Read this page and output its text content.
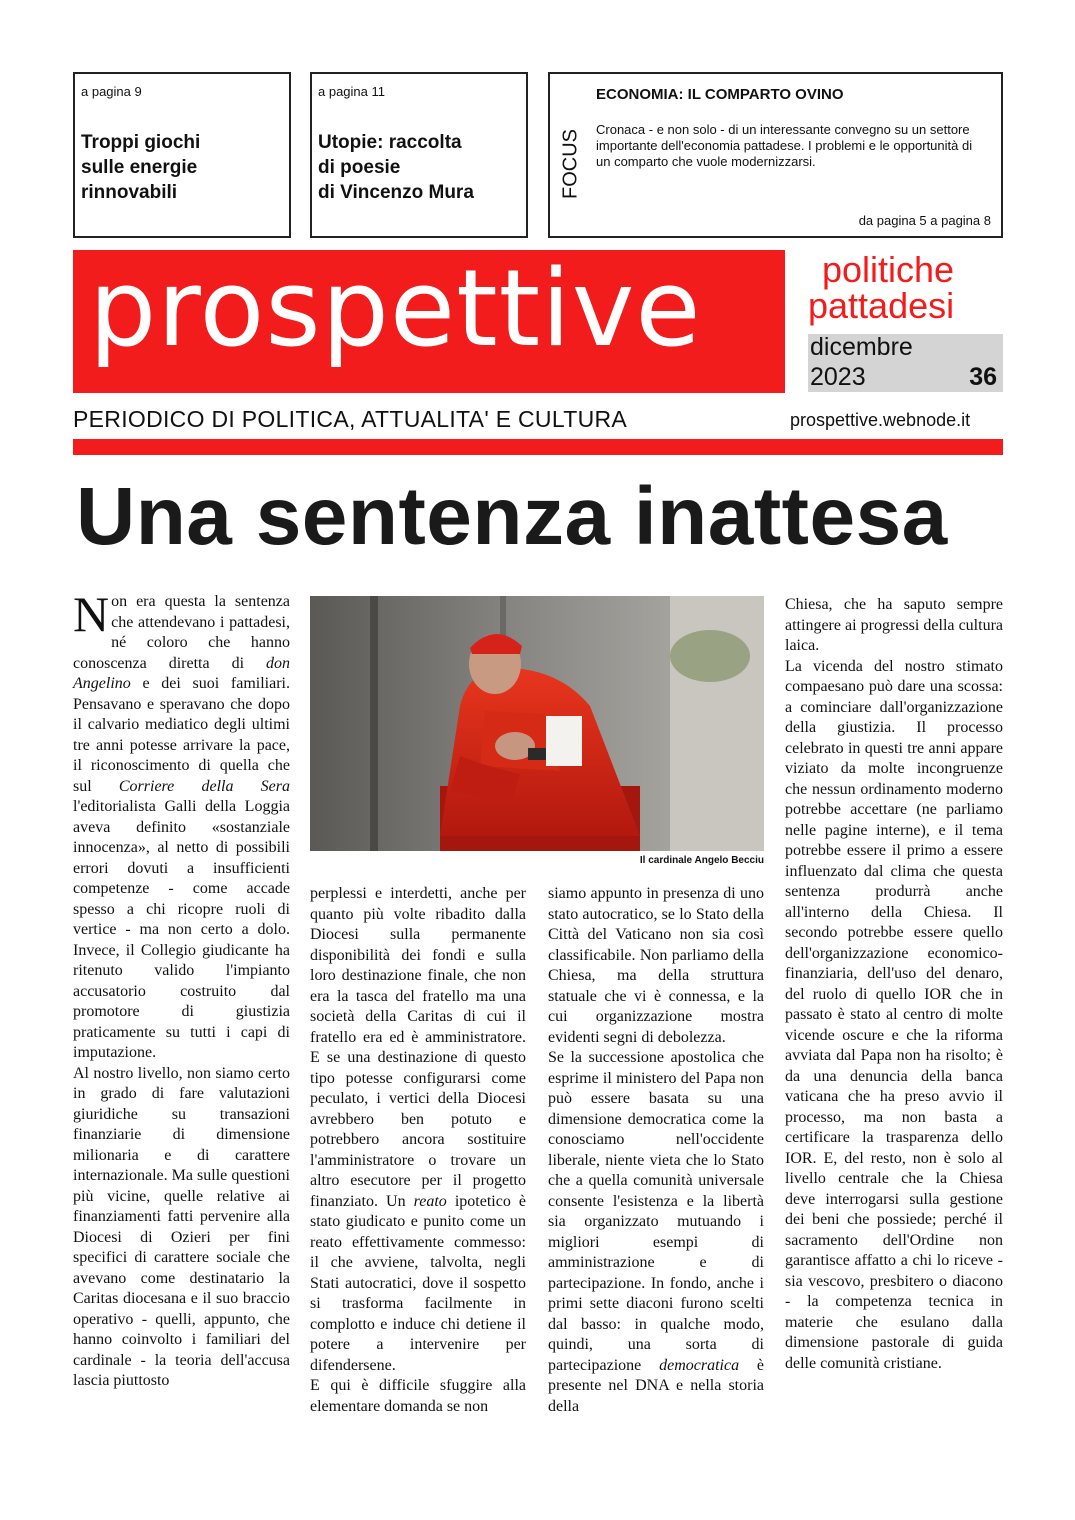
a pagina 9
Troppi giochi
sulle energie
rinnovabili
a pagina 11
Utopie: raccolta
di poesie
di Vincenzo Mura	FOCUS
ECONOMIA: IL COMPARTO OVINO
Cronaca - e non solo - di un interessante convegno su un settore importante dell'economia pattadese. I problemi e le opportunità di un comparto che vuole modernizzarsi.
da pagina 5 a pagina 8
prospettive	politiche
pattadesi
dicembre
2023	36
PERIODICO DI POLITICA, ATTUALITA' E CULTURA	prospettive.webnode.it
Una sentenza inattesa

Non era questa la sentenza che attendevano i pattadesi, né coloro che hanno conoscenza diretta di don Angelino e dei suoi familiari. Pensavano e speravano che dopo il calvario mediatico degli ultimi tre anni potesse arrivare la pace, il riconoscimento di quella che sul Corriere della Sera l'editorialista Galli della Loggia aveva definito «sostanziale innocenza», al netto di possibili errori dovuti a insufficienti competenze - come accade spesso a chi ricopre ruoli di vertice - ma non certo a dolo. Invece, il Collegio giudicante ha ritenuto valido l'impianto accusatorio costruito dal promotore di giustizia praticamente su tutti i capi di imputazione.

Al nostro livello, non siamo certo in grado di fare valutazioni giuridiche su transazioni finanziarie di dimensione milionaria e di carattere internazionale. Ma sulle questioni più vicine, quelle relative ai finanziamenti fatti pervenire alla Diocesi di Ozieri per fini specifici di carattere sociale che avevano come destinatario la Caritas diocesana e il suo braccio operativo - quelli, appunto, che hanno coinvolto i familiari del cardinale - la teoria dell'accusa lascia piuttosto

Il cardinale Angelo Becciu

perplessi e interdetti, anche per quanto più volte ribadito dalla Diocesi sulla permanente disponibilità dei fondi e sulla loro destinazione finale, che non era la tasca del fratello ma una società della Caritas di cui il fratello era ed è amministratore. E se una destinazione di questo tipo potesse configurarsi come peculato, i vertici della Diocesi avrebbero ben potuto e potrebbero ancora sostituire l'amministratore o trovare un altro esecutore per il progetto finanziato. Un reato ipotetico è stato giudicato e punito come un reato effettivamente commesso: il che avviene, talvolta, negli Stati autocratici, dove il sospetto si trasforma facilmente in complotto e induce chi detiene il potere a intervenire per difendersene.

E qui è difficile sfuggire alla elementare domanda se non

siamo appunto in presenza di uno stato autocratico, se lo Stato della Città del Vaticano non sia così classificabile. Non parliamo della Chiesa, ma della struttura statuale che vi è connessa, e la cui organizzazione mostra evidenti segni di debolezza.

Se la successione apostolica che esprime il ministero del Papa non può essere basata su una dimensione democratica come la conosciamo nell'occidente liberale, niente vieta che lo Stato che a quella comunità universale consente l'esistenza e la libertà sia organizzato mutuando i migliori esempi di amministrazione e di partecipazione. In fondo, anche i primi sette diaconi furono scelti dal basso: in qualche modo, quindi, una sorta di partecipazione democratica è presente nel DNA e nella storia della

Chiesa, che ha saputo sempre attingere ai progressi della cultura laica.

La vicenda del nostro stimato compaesano può dare una scossa: a cominciare dall'organizzazione della giustizia. Il processo celebrato in questi tre anni appare viziato da molte incongruenze che nessun ordinamento moderno potrebbe accettare (ne parliamo nelle pagine interne), e il tema potrebbe essere il primo a essere influenzato dal clima che questa sentenza produrrà anche all'interno della Chiesa. Il secondo potrebbe essere quello dell'organizzazione economico-finanziaria, dell'uso del denaro, del ruolo di quello IOR che in passato è stato al centro di molte vicende oscure e che la riforma avviata dal Papa non ha risolto; è da una denuncia della banca vaticana che ha preso avvio il processo, ma non basta a certificare la trasparenza dello IOR. E, del resto, non è solo al livello centrale che la Chiesa deve interrogarsi sulla gestione dei beni che possiede; perché il sacramento dell'Ordine non garantisce affatto a chi lo riceve - sia vescovo, presbitero o diacono - la competenza tecnica in materie che esulano dalla dimensione pastorale di guida delle comunità cristiane.
